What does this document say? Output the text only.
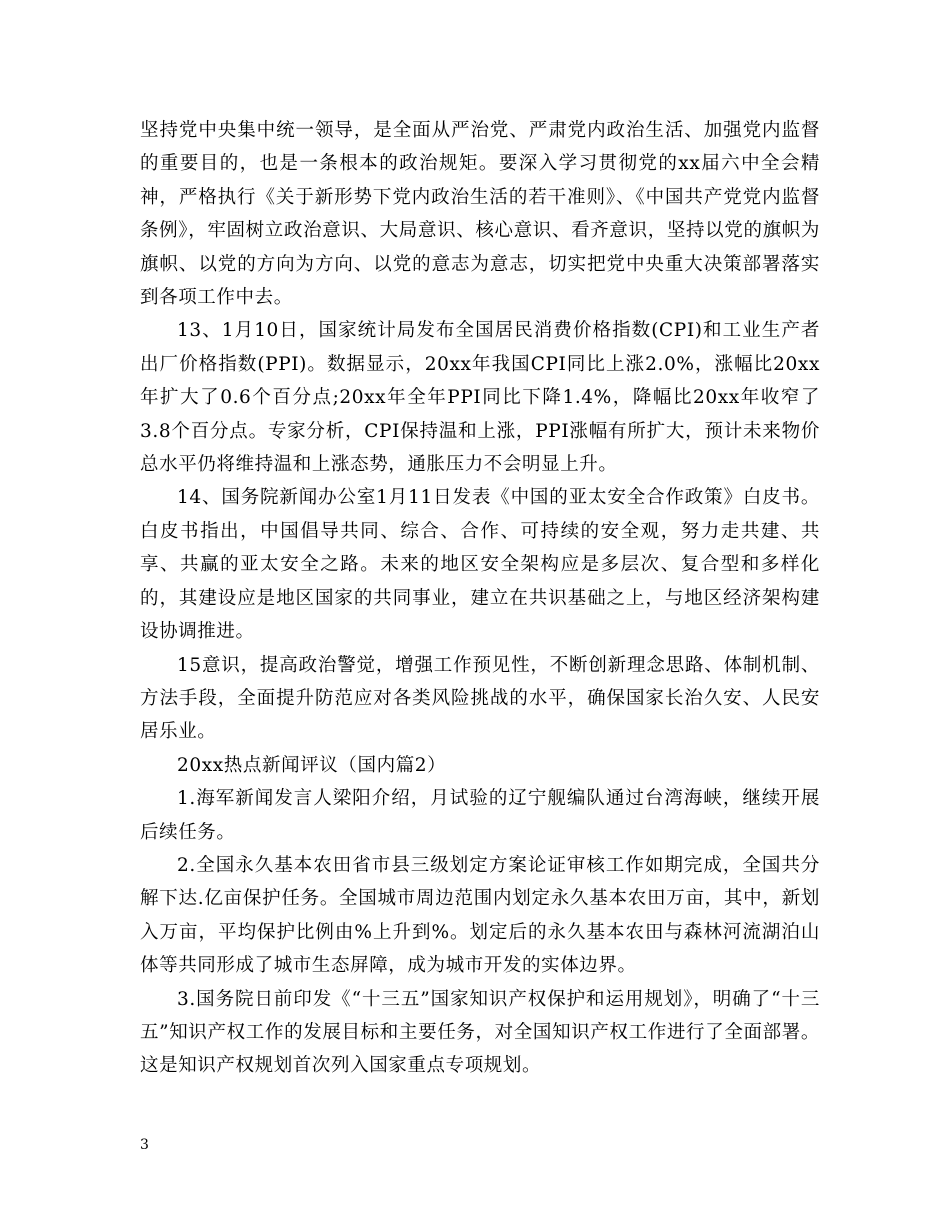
坚持党中央集中统一领导，是全面从严治党、严肃党内政治生活、加强党内监督的重要目的，也是一条根本的政治规矩。要深入学习贯彻党的xx届六中全会精神，严格执行《关于新形势下党内政治生活的若干准则》、《中国共产党党内监督条例》，牢固树立政治意识、大局意识、核心意识、看齐意识，坚持以党的旗帜为旗帜、以党的方向为方向、以党的意志为意志，切实把党中央重大决策部署落实到各项工作中去。

13、1月10日，国家统计局发布全国居民消费价格指数(CPI)和工业生产者出厂价格指数(PPI)。数据显示，20xx年我国CPI同比上涨2.0%，涨幅比20xx年扩大了0.6个百分点;20xx年全年PPI同比下降1.4%，降幅比20xx年收窄了3.8个百分点。专家分析，CPI保持温和上涨，PPI涨幅有所扩大，预计未来物价总水平仍将维持温和上涨态势，通胀压力不会明显上升。

14、国务院新闻办公室1月11日发表《中国的亚太安全合作政策》白皮书。白皮书指出，中国倡导共同、综合、合作、可持续的安全观，努力走共建、共享、共赢的亚太安全之路。未来的地区安全架构应是多层次、复合型和多样化的，其建设应是地区国家的共同事业，建立在共识基础之上，与地区经济架构建设协调推进。

15意识，提高政治警觉，增强工作预见性，不断创新理念思路、体制机制、方法手段，全面提升防范应对各类风险挑战的水平，确保国家长治久安、人民安居乐业。

20xx热点新闻评议（国内篇2）

1.海军新闻发言人梁阳介绍，月试验的辽宁舰编队通过台湾海峡，继续开展后续任务。

2.全国永久基本农田省市县三级划定方案论证审核工作如期完成，全国共分解下达.亿亩保护任务。全国城市周边范围内划定永久基本农田万亩，其中，新划入万亩，平均保护比例由%上升到%。划定后的永久基本农田与森林河流湖泊山体等共同形成了城市生态屏障，成为城市开发的实体边界。

3.国务院日前印发《“十三五”国家知识产权保护和运用规划》，明确了“十三五”知识产权工作的发展目标和主要任务，对全国知识产权工作进行了全面部署。这是知识产权规划首次列入国家重点专项规划。

3
